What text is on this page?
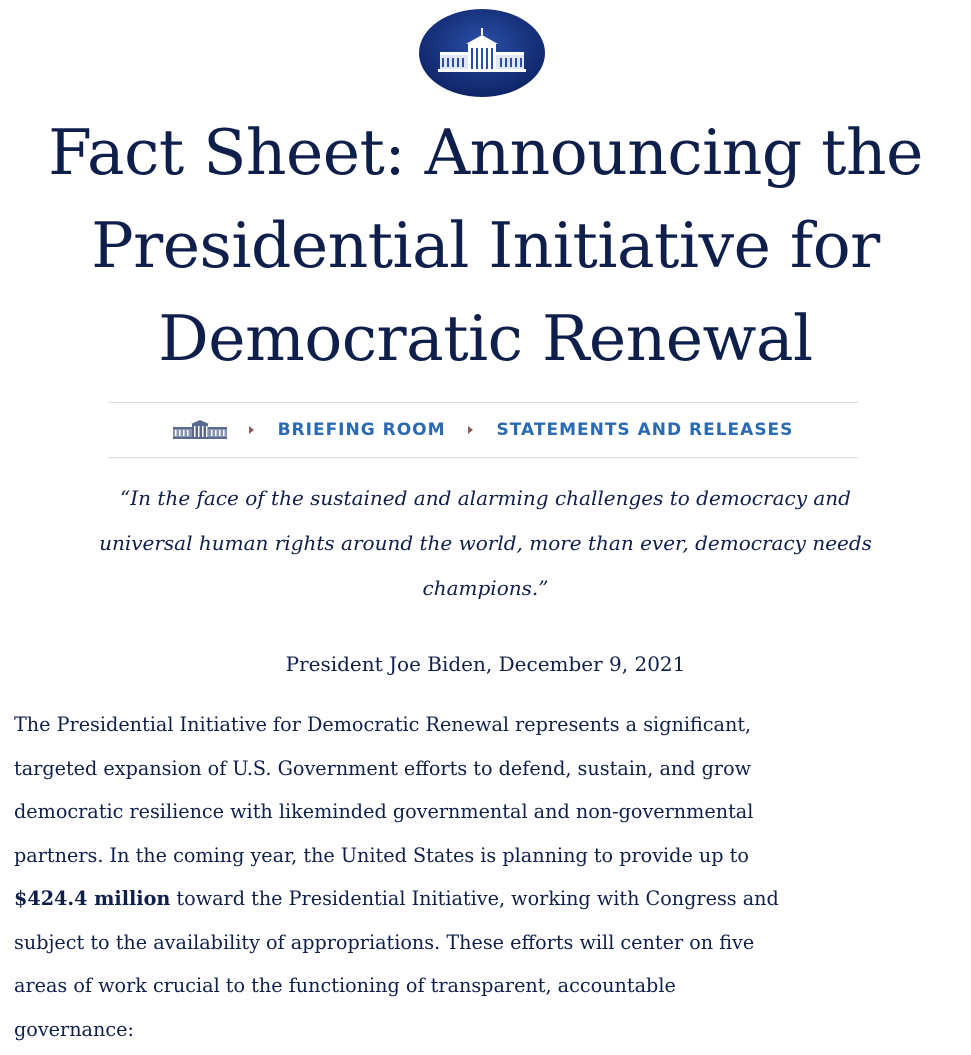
Fact Sheet: Announcing the
Presidential Initiative for
Democratic Renewal
BRIEFING ROOM	STATEMENTS AND RELEASES
“In the face of the sustained and alarming challenges to democracy and
universal human rights around the world, more than ever, democracy needs
champions.”

President Joe Biden, December 9, 2021

The Presidential Initiative for Democratic Renewal represents a significant,
targeted expansion of U.S. Government efforts to defend, sustain, and grow
democratic resilience with likeminded governmental and non-governmental
partners. In the coming year, the United States is planning to provide up to
$424.4 million toward the Presidential Initiative, working with Congress and
subject to the availability of appropriations. These efforts will center on five
areas of work crucial to the functioning of transparent, accountable
governance:
